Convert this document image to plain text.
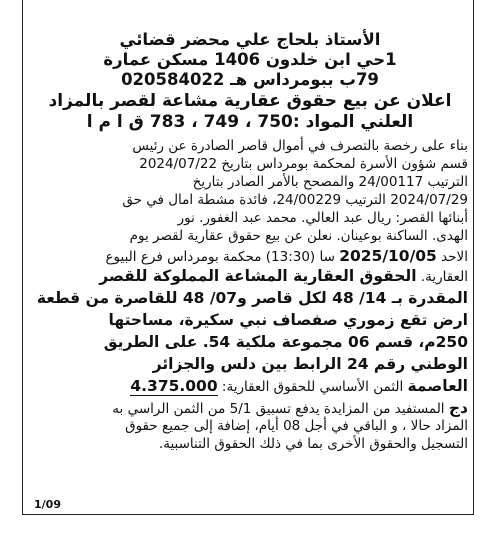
الأستاذ بلحاج علي محضر قضائي
1حي ابن خلدون 1406 مسكن عمارة
79ب ببومرداس هـ 020584022
اعلان عن بيع حقوق عقارية مشاعة لقصر بالمزاد
العلني المواد :750 ، 749 ، 783 ق ا م ا
بناء على رخصة بالتصرف في أموال قاصر الصادرة عن رئيس
قسم شؤون الأسرة لمحكمة بومرداس بتاريخ 2024/07/22
الترتيب 24/00117 والمصحح بالأمر الصادر بتاريخ
2024/07/29 الترتيب 24/00229، فائدة مشطة امال في حق
أبنائها القصر: ريال عبد العالي. محمد عبد الغفور. نور
الهدى. الساكنة بوعينان. نعلن عن بيع حقوق عقارية لقصر يوم
الاحد 2025/10/05 سا (13:30) محكمة بومرداس فرع البيوع
العقارية. الحقوق العقارية المشاعة المملوكة للقصر
المقدرة بـ 14/ 48 لكل قاصر و07/ 48 للقاصرة من قطعة
ارض تقع زموري صفصاف نبي سكيرة، مساحتها
250م، قسم 06 مجموعة ملكية 54. على الطريق
الوطني رقم 24 الرابط بين دلس والجزائر
العاصمة الثمن الأساسي للحقوق العقارية: 4.375.000
دج المستفيد من المزايدة يدفع تسبيق 5/1 من الثمن الراسي به
المزاد حالا ، و الباقي في أجل 08 أيام، إضافة إلى جميع حقوق
التسجيل والحقوق الأخرى بما في ذلك الحقوق التناسبية.
1/09
